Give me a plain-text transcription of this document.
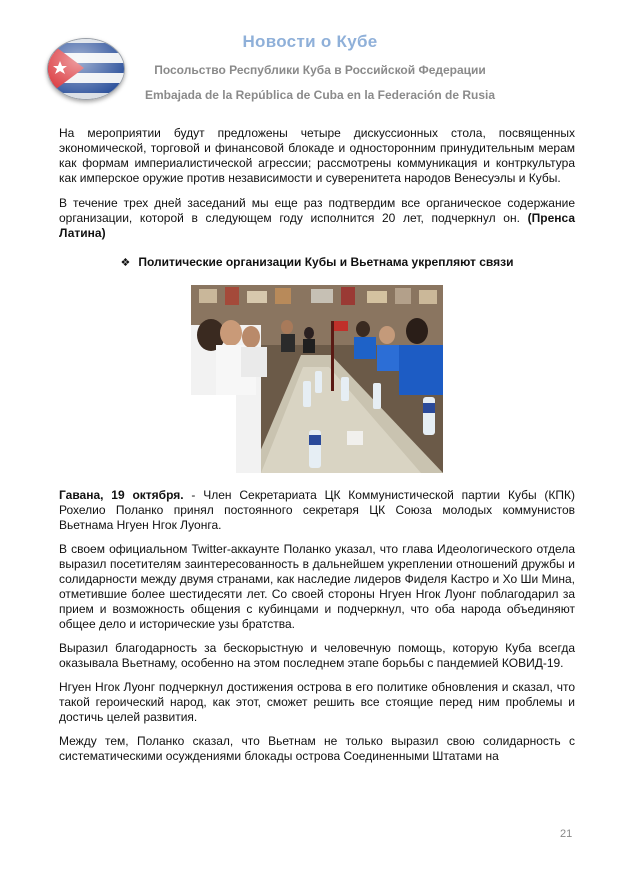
Новости о Кубе
Посольство Республики Куба в Российской Федерации
Embajada de la República de Cuba en la Federación de Rusia

На мероприятии будут предложены четыре дискуссионных стола, посвященных экономической, торговой и финансовой блокаде и односторонним принудительным мерам как формам империалистической агрессии; рассмотрены коммуникация и контркультура как имперское оружие против независимости и суверенитета народов Венесуэлы и Кубы.

В течение трех дней заседаний мы еще раз подтвердим все органическое содержание организации, которой в следующем году исполнится 20 лет, подчеркнул он. (Пренса Латина)

❖ Политические организации Кубы и Вьетнама укрепляют связи

Гавана, 19 октября. - Член Секретариата ЦК Коммунистической партии Кубы (КПК) Рохелио Поланко принял постоянного секретаря ЦК Союза молодых коммунистов Вьетнама Нгуен Нгок Луонга.

В своем официальном Twitter-аккаунте Поланко указал, что глава Идеологического отдела выразил посетителям заинтересованность в дальнейшем укреплении отношений дружбы и солидарности между двумя странами, как наследие лидеров Фиделя Кастро и Хо Ши Мина, отметившие более шестидесяти лет. Со своей стороны Нгуен Нгок Луонг поблагодарил за прием и возможность общения с кубинцами и подчеркнул, что оба народа объединяют общее дело и исторические узы братства.

Выразил благодарность за бескорыстную и человечную помощь, которую Куба всегда оказывала Вьетнаму, особенно на этом последнем этапе борьбы с пандемией КОВИД-19.

Нгуен Нгок Луонг подчеркнул достижения острова в его политике обновления и сказал, что такой героический народ, как этот, сможет решить все стоящие перед ним проблемы и достичь целей развития.

Между тем, Поланко сказал, что Вьетнам не только выразил свою солидарность с систематическими осуждениями блокады острова Соединенными Штатами на

21
